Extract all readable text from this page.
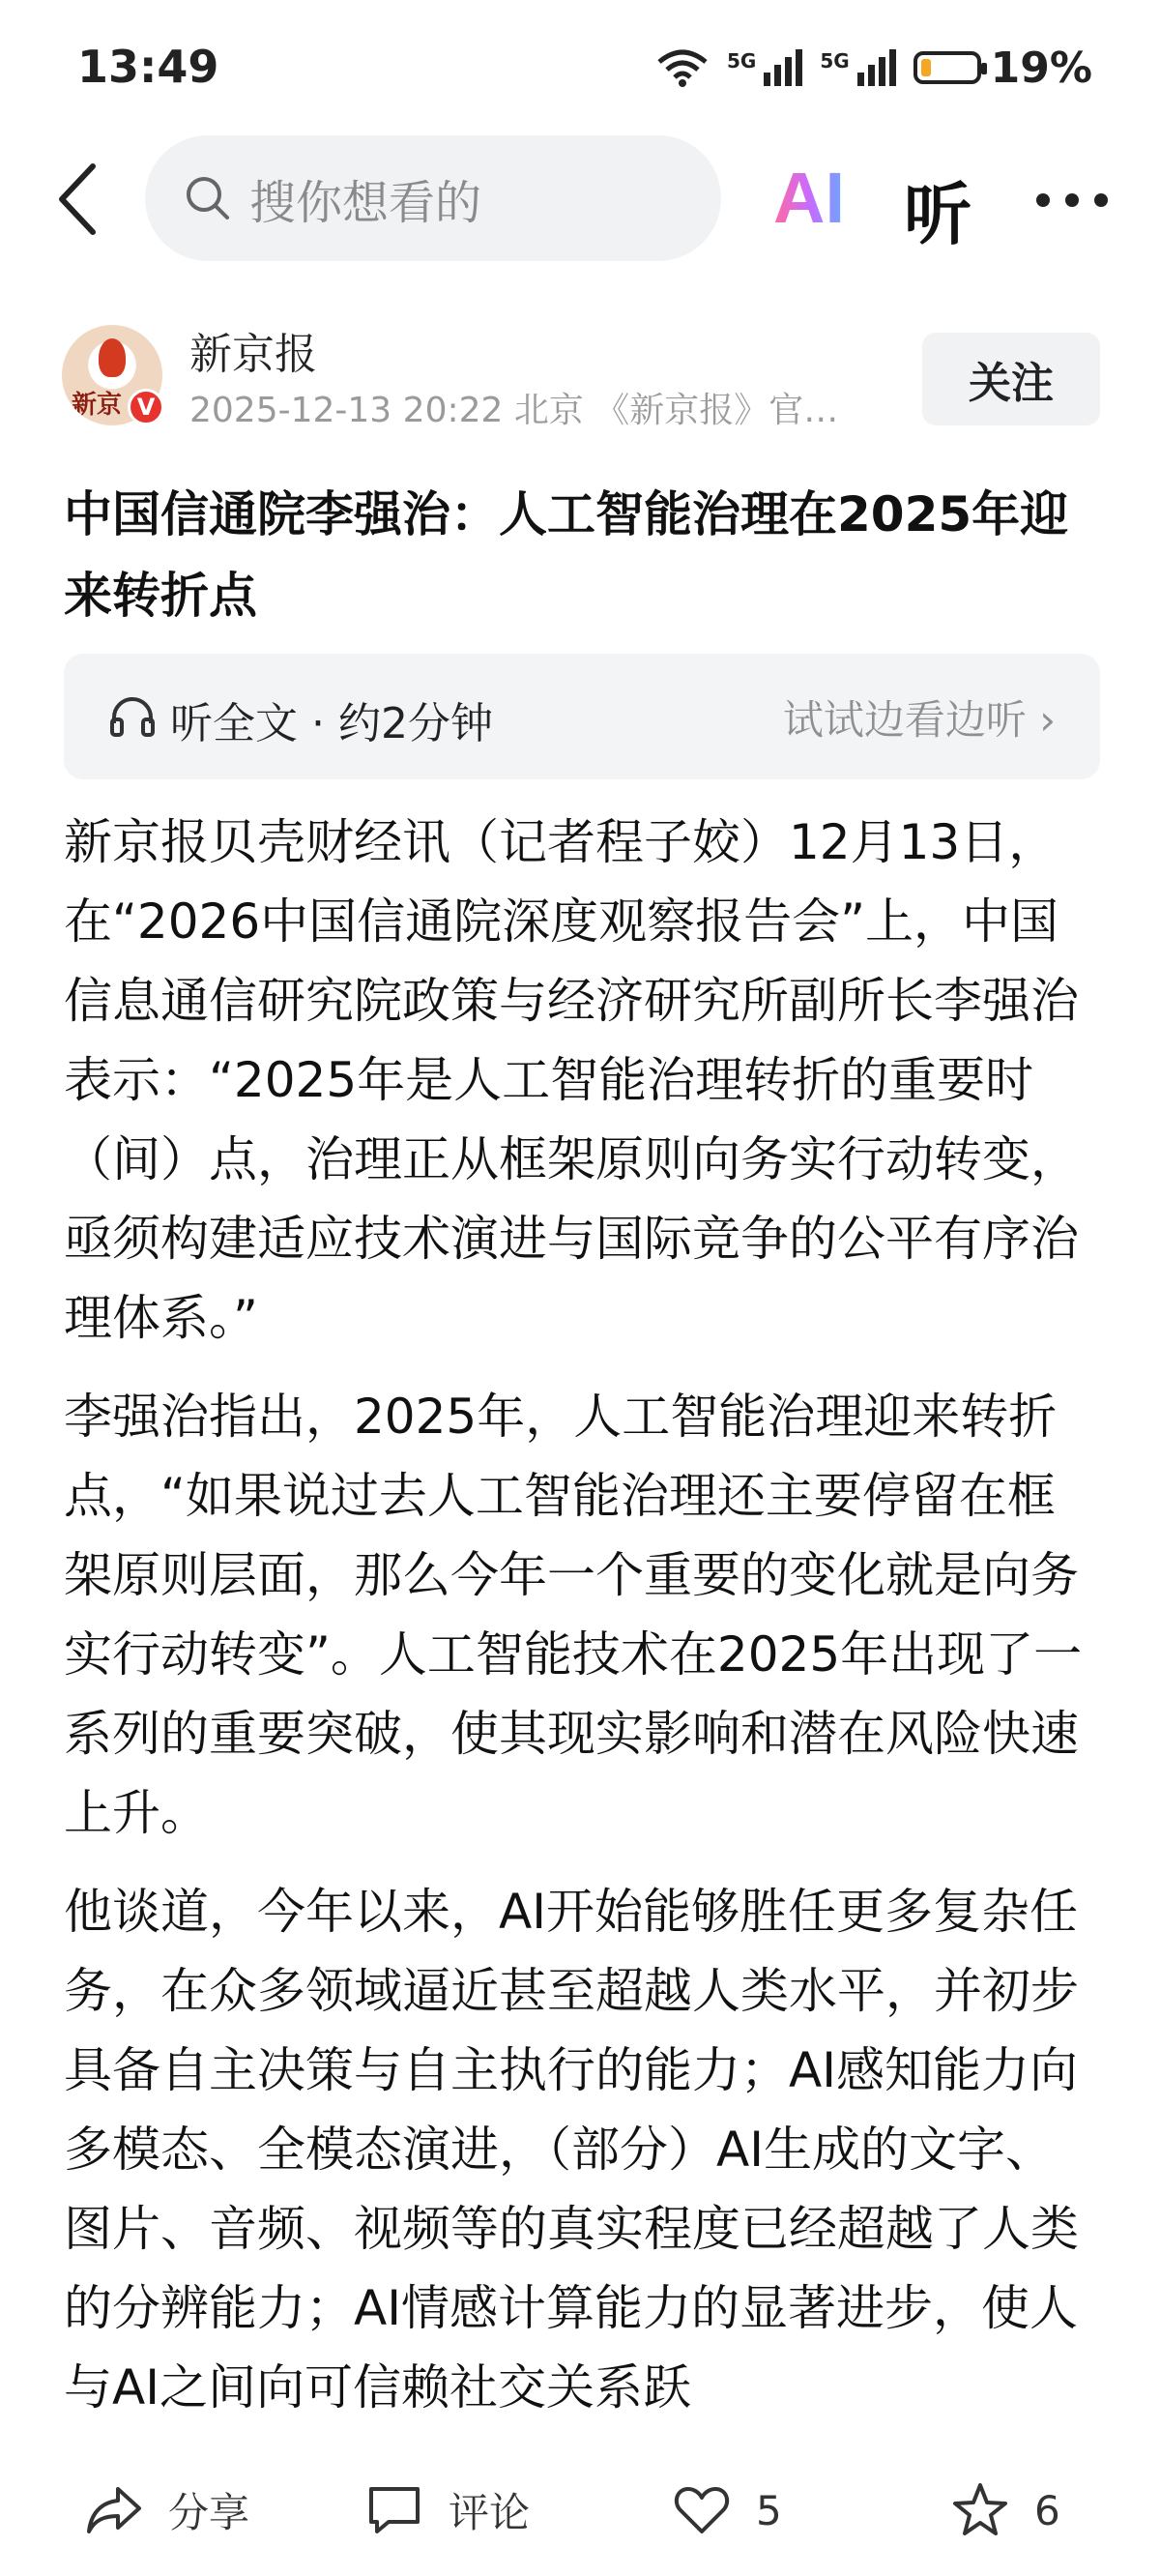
13:49	5G	5G	19%
搜你想看的	AI 听
新京 V
新京报
2025-12-13 20:22 北京 《新京报》官…
关注
中国信通院李强治：人工智能治理在2025年迎来转折点
听全文 · 约2分钟	试试边看边听 ›

新京报贝壳财经讯（记者程子姣）12月13日，在“2026中国信通院深度观察报告会”上，中国信息通信研究院政策与经济研究所副所长李强治表示：“2025年是人工智能治理转折的重要时（间）点，治理正从框架原则向务实行动转变，亟须构建适应技术演进与国际竞争的公平有序治理体系。”

李强治指出，2025年，人工智能治理迎来转折点，“如果说过去人工智能治理还主要停留在框架原则层面，那么今年一个重要的变化就是向务实行动转变”。人工智能技术在2025年出现了一系列的重要突破，使其现实影响和潜在风险快速上升。

他谈道，今年以来，AI开始能够胜任更多复杂任务，在众多领域逼近甚至超越人类水平，并初步具备自主决策与自主执行的能力；AI感知能力向多模态、全模态演进，（部分）AI生成的文字、图片、音频、视频等的真实程度已经超越了人类的分辨能力；AI情感计算能力的显著进步，使人与AI之间向可信赖社交关系跃

分享	评论	5	6
